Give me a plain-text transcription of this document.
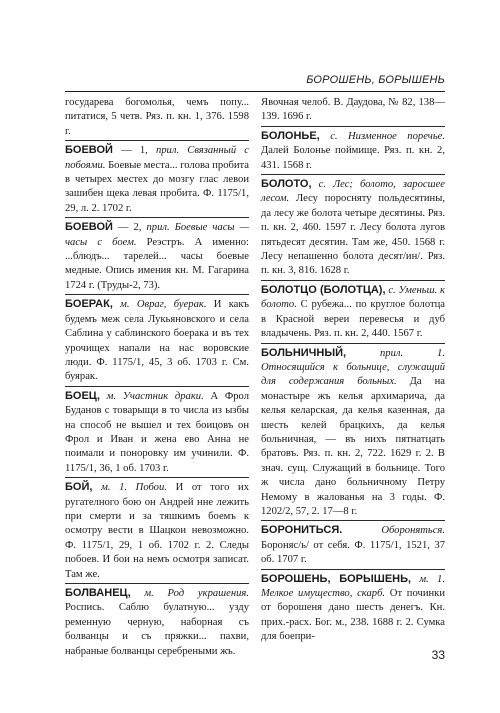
БОРОШЕНЬ, БОРЫШЕНЬ
государева богомолья, чемъ попу... питатися, 5 четв. Ряз. п. кн. 1, 376. 1598 г.
БОЕВОЙ — 1, прил. Связанный с побоями. Боевые места... голова пробита в четырех местех до мозгу глас левои зашибен щека левая пробита. Ф. 1175/1, 29, л. 2. 1702 г.
БОЕВОЙ — 2, прил. Боевые часы — часы с боем. Реэстръ. А именно: ...блюдъ... тарелей... часы боевые медные. Опись имения кн. М. Гагарина 1724 г. (Труды-2, 73).
БОЕРАК, м. Овраг, буерак. И какъ будемъ меж села Лукьяновского и села Саблина у саблинского боерака и въ тех урочищех напали на нас воровские люди. Ф. 1175/1, 45, 3 об. 1703 г. См. буярак.
БОЕЦ, м. Участник драки. А Фрол Буданов с товарыщи в то числа из ызбы на способ не вышел и тех боицовъ он Фрол и Иван и жена ево Анна не поимали и поноровку им учинили. Ф. 1175/1, 36, 1 об. 1703 г.
БОЙ, м. 1. Побои. И от того их ругателного бою он Андрей нне лежить при смерти и за тяшкимъ боемъ к осмотру вести в Шацкои невозможно. Ф. 1175/1, 29, 1 об. 1702 г. 2. Следы побоев. И бои на немъ осмотря записат. Там же.
БОЛВАНЕЦ, м. Род украшения. Роспись. Саблю булатную... узду ременную черную, наборная съ болванцы и съ пряжки... пахви, набраные болванцы серебреными жъ.
Явочная челоб. В. Даудова, № 82, 138—139. 1696 г.
БОЛОНЬЕ, с. Низменное поречье. Далей Болонье поймище. Ряз. п. кн. 2, 431. 1568 г.
БОЛОТО, с. Лес; болото, заросшее лесом. Лесу поросняту польдесятины, да лесу же болота четыре десятины. Ряз. п. кн. 2, 460. 1597 г. Лесу болота лугов пятьдесят десятин. Там же, 450. 1568 г. Лесу непашенно болота десят/ин/. Ряз. п. кн. 3, 816. 1628 г.
БОЛОТЦО (БОЛОТЦА), с. Уменьш. к болото. С рубежа... по круглое болотца в Красной вереи перевесья и дуб владычень. Ряз. п. кн. 2, 440. 1567 г.
БОЛЬНИЧНЫЙ,	прил. 1. Относящийся к больнице, служащий для содержания больных. Да на монастыре жъ келья архимарича, да келья келарская, да келья казенная, да шесть келей брацкихъ, да келья больничная, — въ нихъ пятнатцать братовъ. Ряз. п. кн. 2, 722. 1629 г. 2. В знач. сущ. Служащий в больнице. Того ж числа дано больничному Петру Немому в жалованья на 3 годы. Ф. 1202/2, 57, 2. 17—8 г.
БОРОНИТЬСЯ.	Обороняться. Бороняс/ь/ от себя. Ф. 1175/1, 1521, 37 об. 1707 г.
БОРОШЕНЬ, БОРЫШЕНЬ, м. 1. Мелкое имущество, скарб. От починки от борошеня дано шесть денегъ. Кн. прих.-расх. Бог. м., 238. 1688 г. 2. Сумка для боепри-
33
